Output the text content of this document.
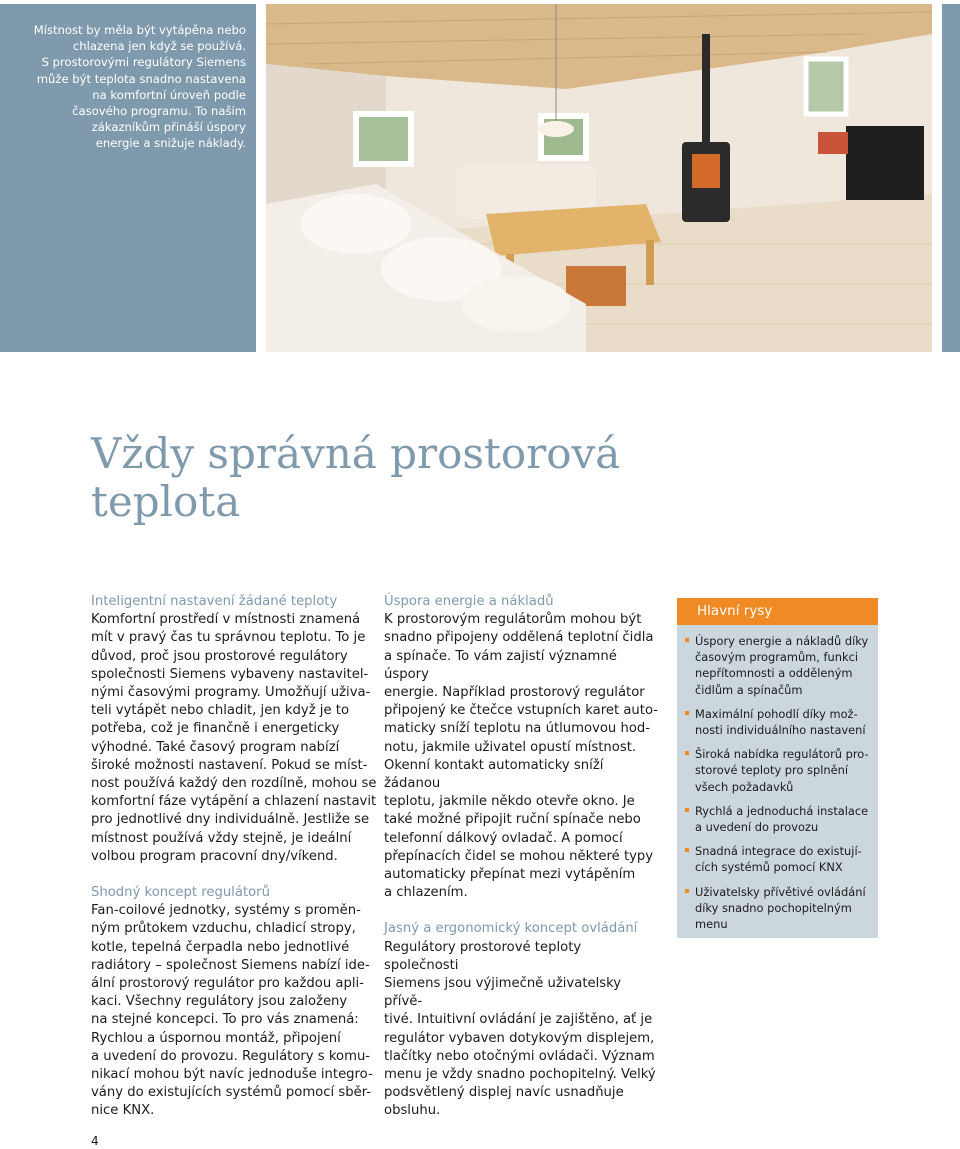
Místnost by měla být vytápěna nebo
chlazena jen když se používá.
S prostorovými regulátory Siemens
může být teplota snadno nastavena
na komfortní úroveň podle
časového programu. To našim
zákazníkům přináší úspory
energie a snižuje náklady.
Vždy správná prostorová
teplota
Inteligentní nastavení žádané teploty
Komfortní prostředí v místnosti znamená
mít v pravý čas tu správnou teplotu. To je
důvod, proč jsou prostorové regulátory
společnosti Siemens vybaveny nastavitel-
nými časovými programy. Umožňují uživa-
teli vytápět nebo chladit, jen když je to
potřeba, což je finančně i energeticky
výhodné. Také časový program nabízí
široké možnosti nastavení. Pokud se míst-
nost používá každý den rozdílně, mohou se
komfortní fáze vytápění a chlazení nastavit
pro jednotlivé dny individuálně. Jestliže se
místnost používá vždy stejně, je ideální
volbou program pracovní dny/víkend.
Shodný koncept regulátorů
Fan-coilové jednotky, systémy s proměn-
ným průtokem vzduchu, chladicí stropy,
kotle, tepelná čerpadla nebo jednotlivé
radiátory – společnost Siemens nabízí ide-
ální prostorový regulátor pro každou apli-
kaci. Všechny regulátory jsou založeny
na stejné koncepci. To pro vás znamená:
Rychlou a úspornou montáž, připojení
a uvedení do provozu. Regulátory s komu-
nikací mohou být navíc jednoduše integro-
vány do existujících systémů pomocí sběr-
nice KNX.
Úspora energie a nákladů
K prostorovým regulátorům mohou být
snadno připojeny oddělená teplotní čidla
a spínače. To vám zajistí významné úspory
energie. Například prostorový regulátor
připojený ke čtečce vstupních karet auto-
maticky sníží teplotu na útlumovou hod-
notu, jakmile uživatel opustí místnost.
Okenní kontakt automaticky sníží žádanou
teplotu, jakmile někdo otevře okno. Je
také možné připojit ruční spínače nebo
telefonní dálkový ovladač. A pomocí
přepínacích čidel se mohou některé typy
automaticky přepínat mezi vytápěním
a chlazením.
Jasný a ergonomický koncept ovládání
Regulátory prostorové teploty společnosti
Siemens jsou výjimečně uživatelsky přívě-
tivé. Intuitivní ovládání je zajištěno, ať je
regulátor vybaven dotykovým displejem,
tlačítky nebo otočnými ovládači. Význam
menu je vždy snadno pochopitelný. Velký
podsvětlený displej navíc usnadňuje
obsluhu.
Hlavní rysy
Úspory energie a nákladů díky
časovým programům, funkci
nepřítomnosti a odděleným
čidlům a spínačům
Maximální pohodlí díky mož-
nosti individuálního nastavení
Široká nabídka regulátorů pro-
storové teploty pro splnění
všech požadavků
Rychlá a jednoduchá instalace
a uvedení do provozu
Snadná integrace do existují-
cích systémů pomocí KNX
Uživatelsky přívětivé ovládání
díky snadno pochopitelným
menu
4
